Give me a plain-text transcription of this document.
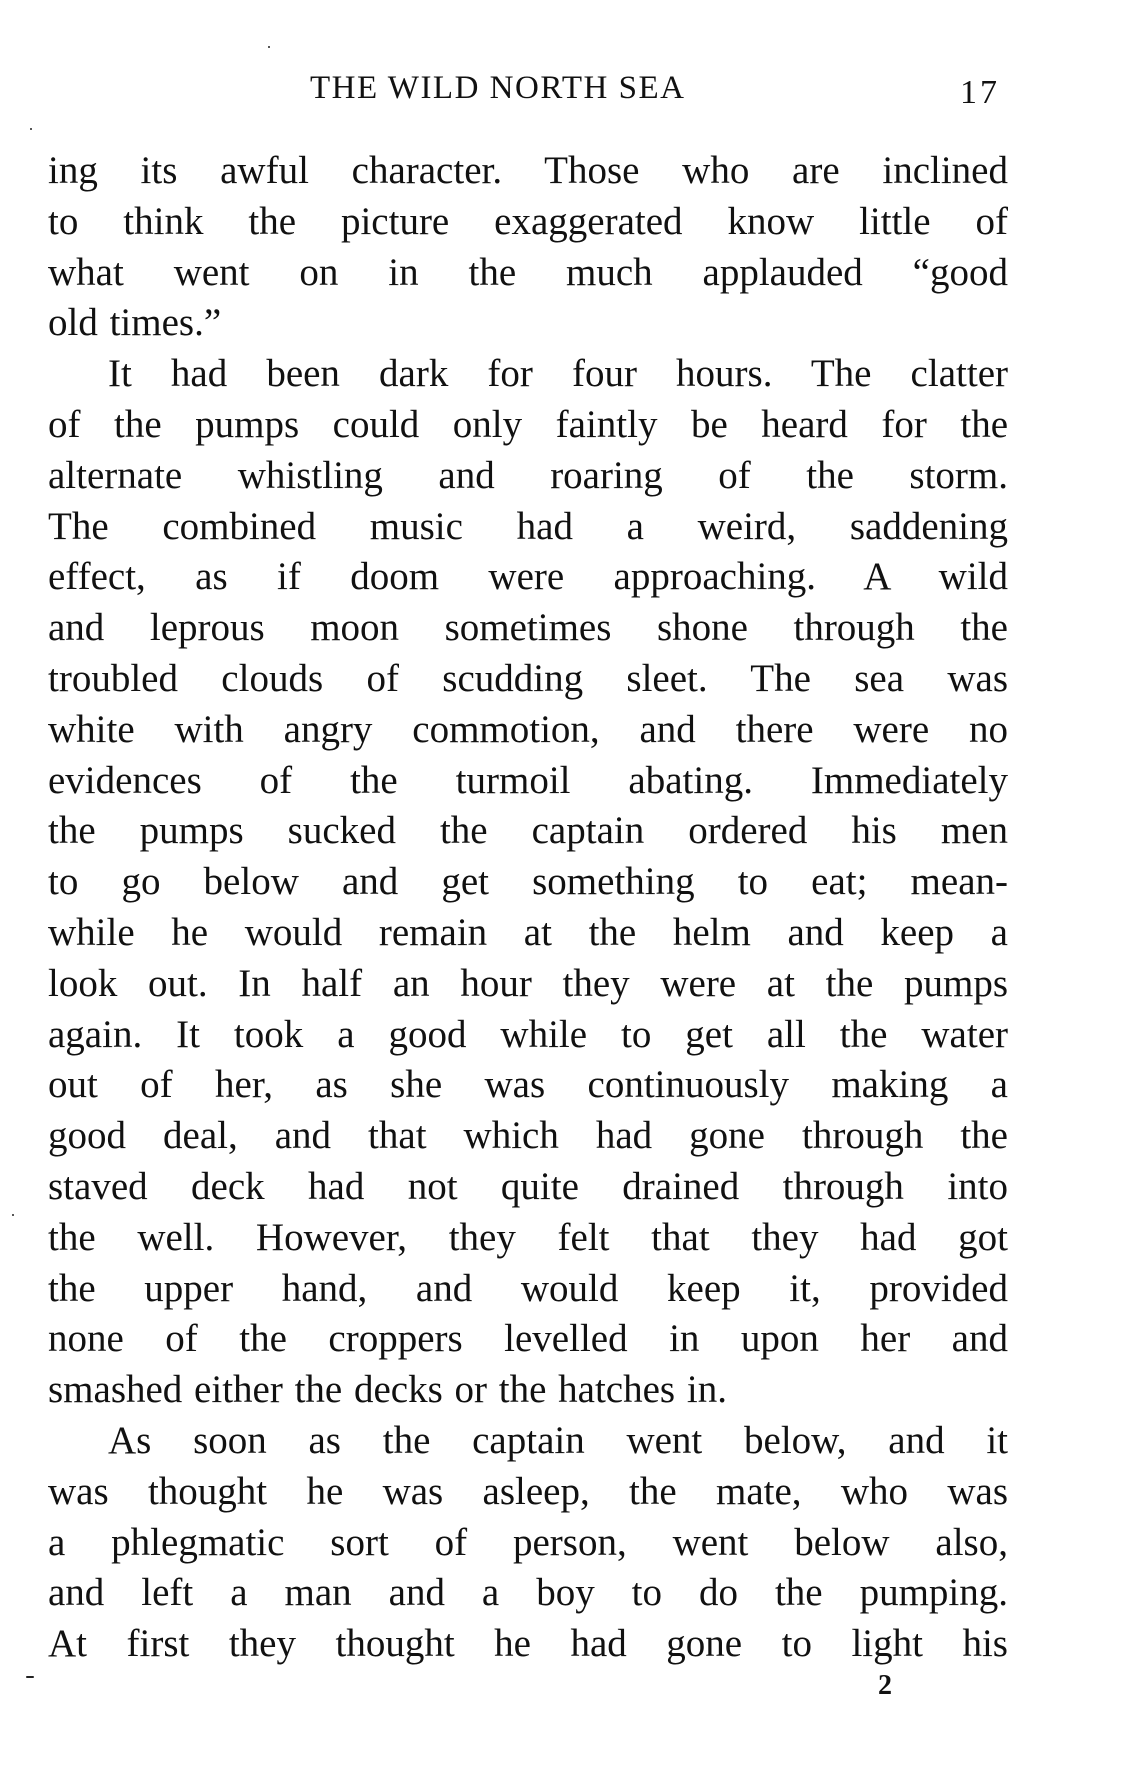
THE WILD NORTH SEA	17
ing its awful character. Those who are inclined
to think the picture exaggerated know little of
what went on in the much applauded “good
old times.”
It had been dark for four hours. The clatter
of the pumps could only faintly be heard for the
alternate whistling and roaring of the storm.
The combined music had a weird, saddening
effect, as if doom were approaching. A wild
and leprous moon sometimes shone through the
troubled clouds of scudding sleet. The sea was
white with angry commotion, and there were no
evidences of the turmoil abating. Immediately
the pumps sucked the captain ordered his men
to go below and get something to eat; mean-
while he would remain at the helm and keep a
look out. In half an hour they were at the pumps
again. It took a good while to get all the water
out of her, as she was continuously making a
good deal, and that which had gone through the
staved deck had not quite drained through into
the well. However, they felt that they had got
the upper hand, and would keep it, provided
none of the croppers levelled in upon her and
smashed either the decks or the hatches in.
As soon as the captain went below, and it
was thought he was asleep, the mate, who was
a phlegmatic sort of person, went below also,
and left a man and a boy to do the pumping.
At first they thought he had gone to light his
2
